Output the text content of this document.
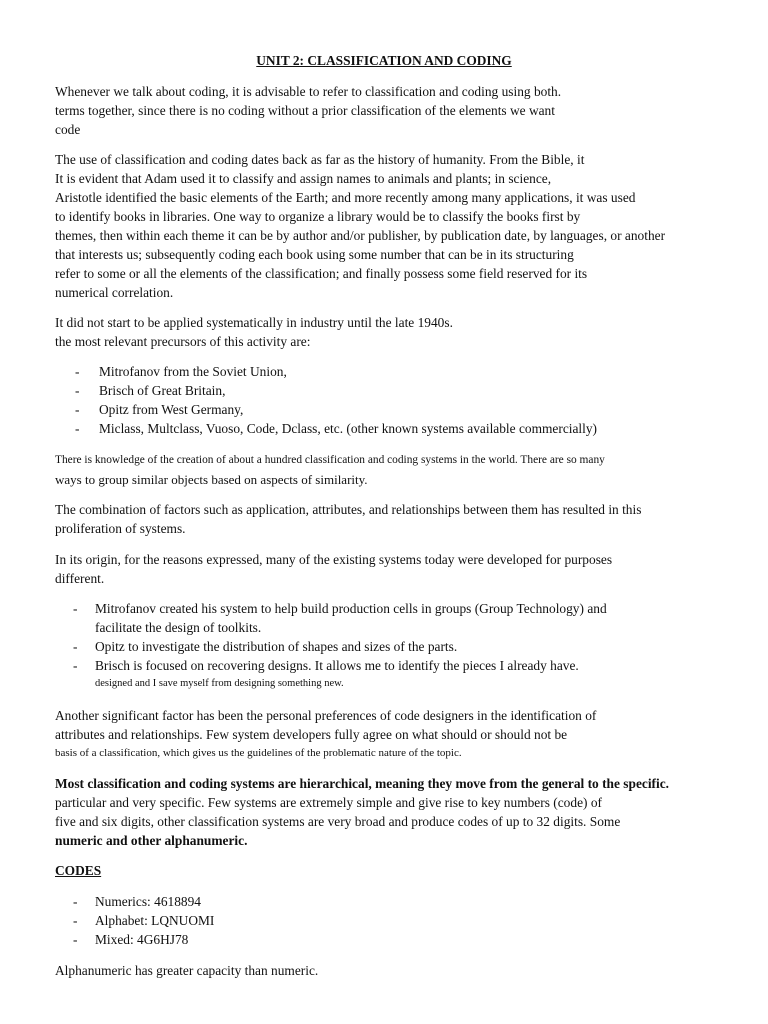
UNIT 2: CLASSIFICATION AND CODING
Whenever we talk about coding, it is advisable to refer to classification and coding using both.
terms together, since there is no coding without a prior classification of the elements we want
code
The use of classification and coding dates back as far as the history of humanity. From the Bible, it
It is evident that Adam used it to classify and assign names to animals and plants; in science,
Aristotle identified the basic elements of the Earth; and more recently among many applications, it was used
to identify books in libraries. One way to organize a library would be to classify the books first by
themes, then within each theme it can be by author and/or publisher, by publication date, by languages, or another
that interests us; subsequently coding each book using some number that can be in its structuring
refer to some or all the elements of the classification; and finally possess some field reserved for its
numerical correlation.
It did not start to be applied systematically in industry until the late 1940s.
the most relevant precursors of this activity are:
- Mitrofanov from the Soviet Union,
- Brisch of Great Britain,
- Opitz from West Germany,
- Miclass, Multclass, Vuoso, Code, Dclass, etc. (other known systems available commercially)
There is knowledge of the creation of about a hundred classification and coding systems in the world. There are so many
ways to group similar objects based on aspects of similarity.
The combination of factors such as application, attributes, and relationships between them has resulted in this
proliferation of systems.
In its origin, for the reasons expressed, many of the existing systems today were developed for purposes
different.
- Mitrofanov created his system to help build production cells in groups (Group Technology) and
facilitate the design of toolkits.
- Opitz to investigate the distribution of shapes and sizes of the parts.
- Brisch is focused on recovering designs. It allows me to identify the pieces I already have.
designed and I save myself from designing something new.
Another significant factor has been the personal preferences of code designers in the identification of
attributes and relationships. Few system developers fully agree on what should or should not be
basis of a classification, which gives us the guidelines of the problematic nature of the topic.
Most classification and coding systems are hierarchical, meaning they move from the general to the specific.
particular and very specific. Few systems are extremely simple and give rise to key numbers (code) of
five and six digits, other classification systems are very broad and produce codes of up to 32 digits. Some
numeric and other alphanumeric.
CODES
- Numerics: 4618894
- Alphabet: LQNUOMI
- Mixed: 4G6HJ78
Alphanumeric has greater capacity than numeric.
